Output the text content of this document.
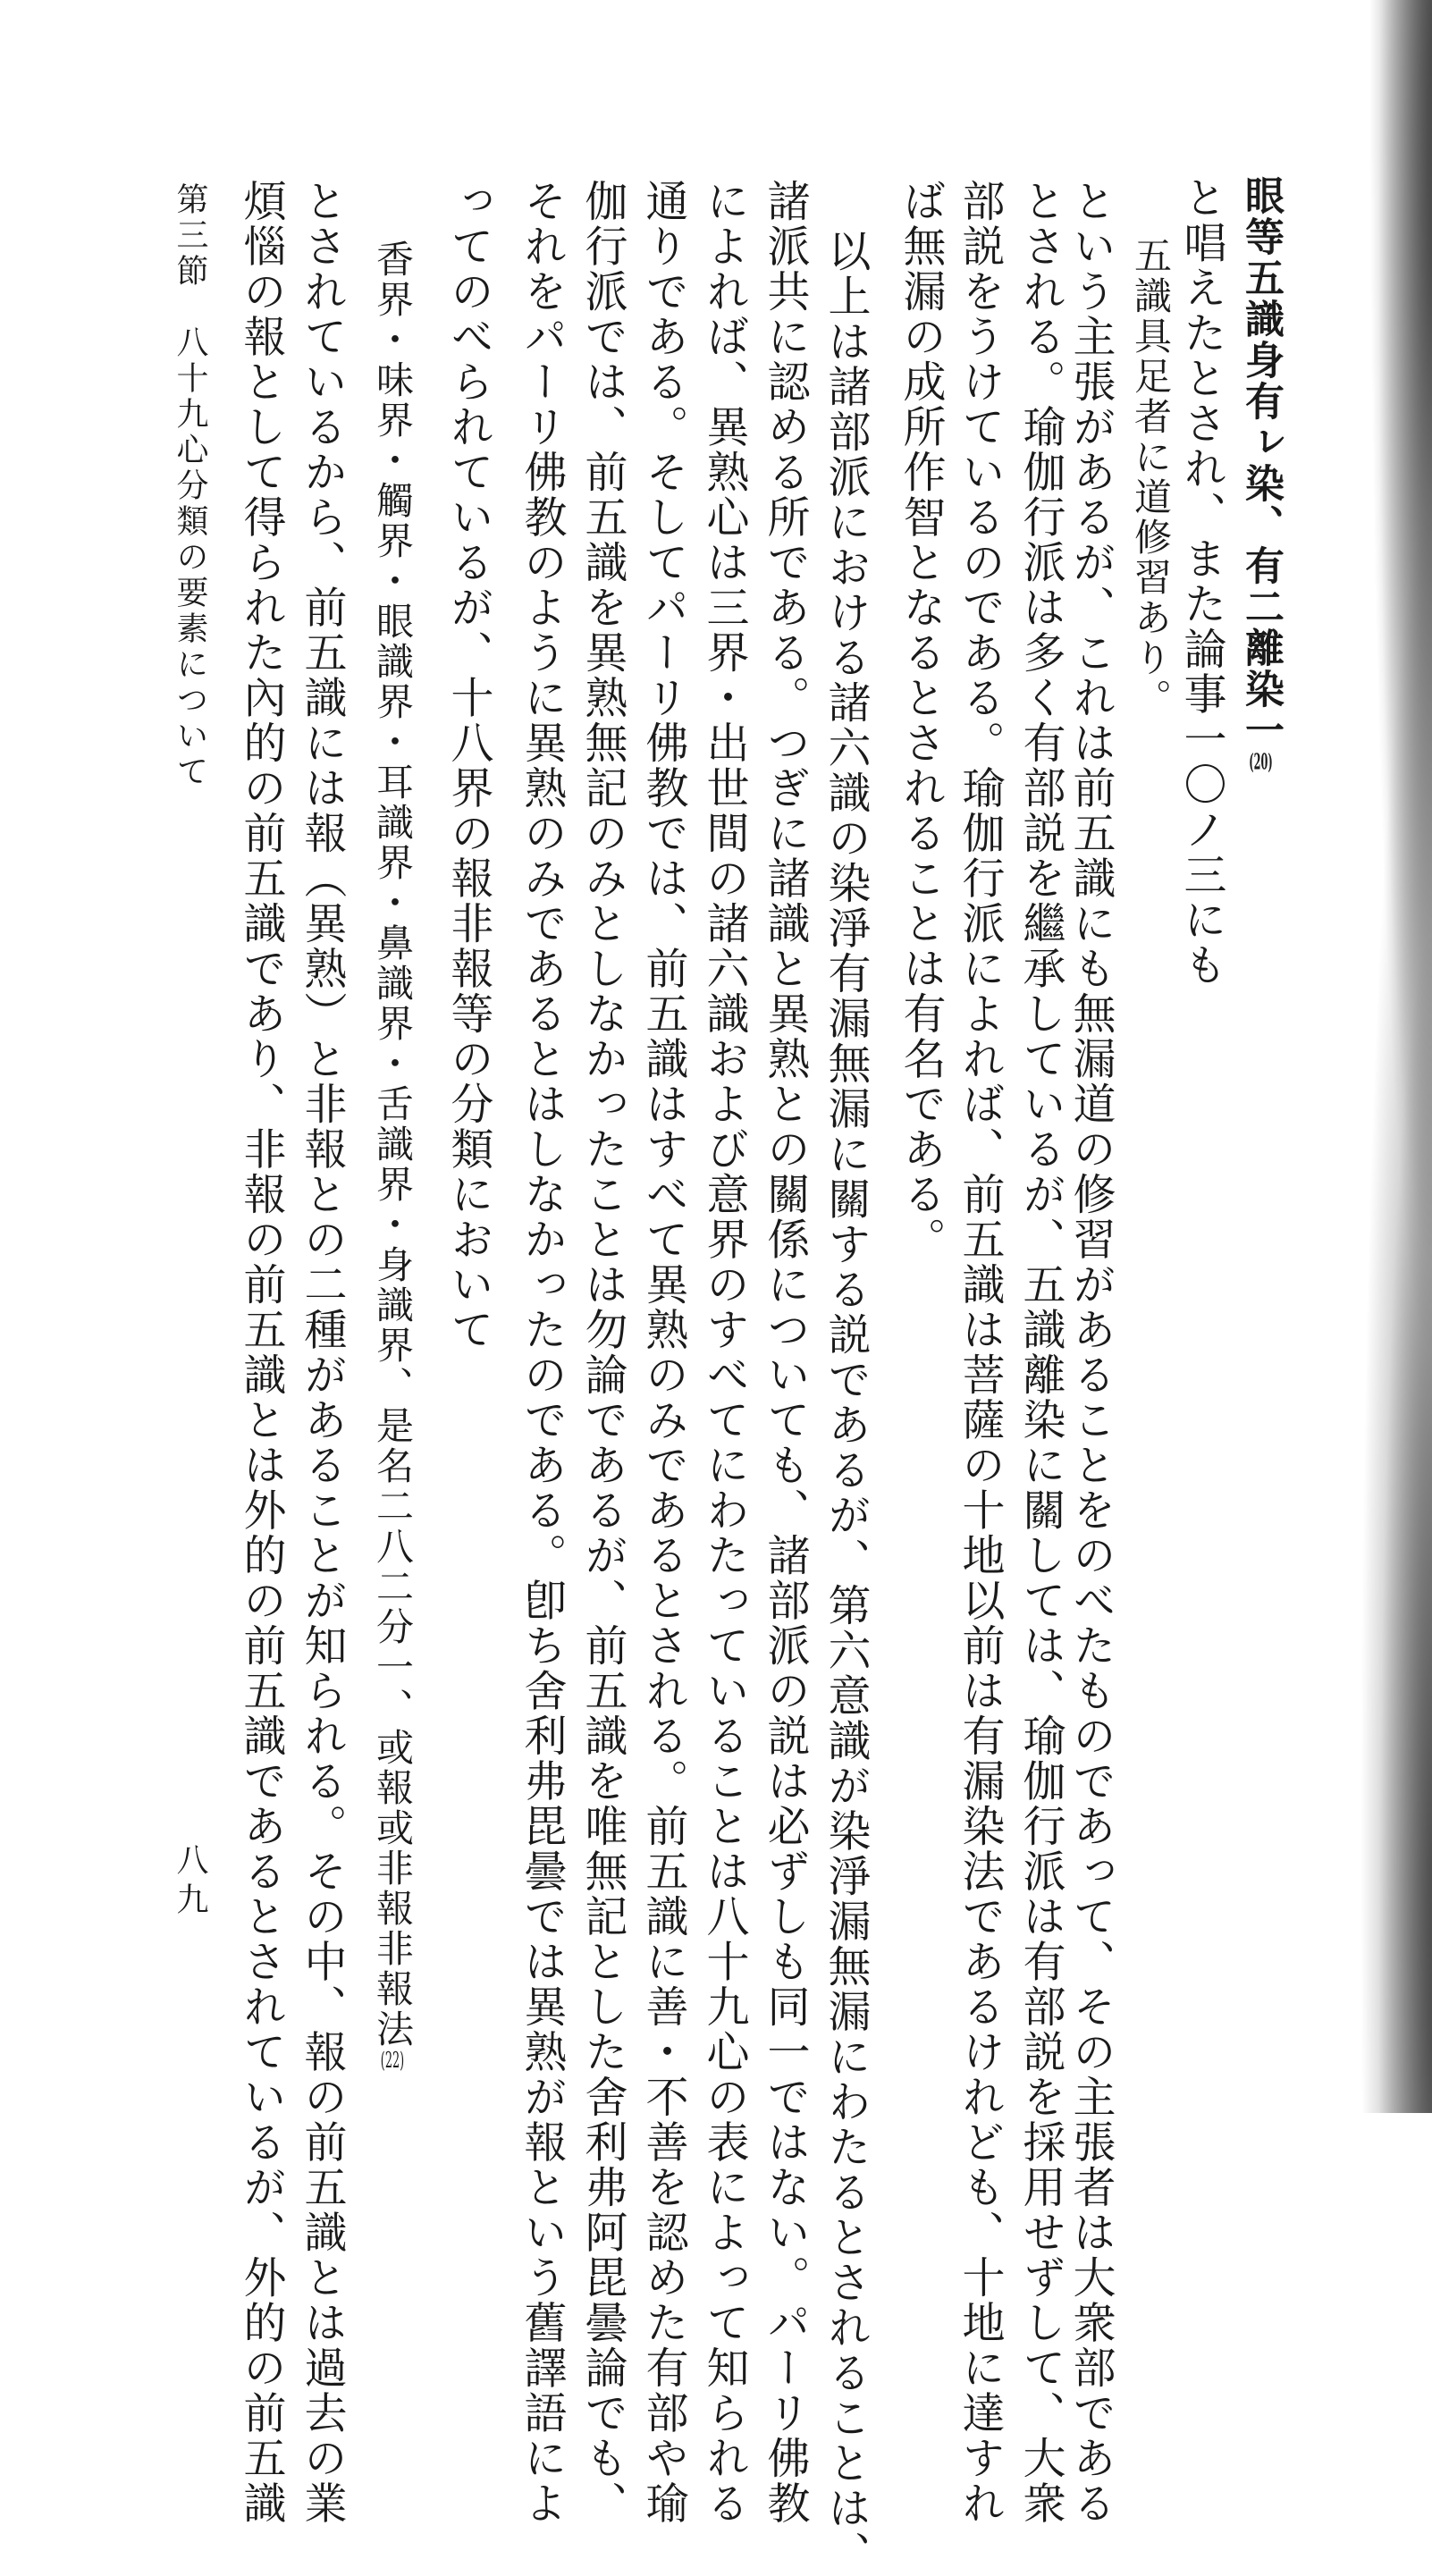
眼等五識身有ㇾ染、有二離染一(20)
と唱えたとされ、また論事一〇ノ三にも
五識具足者に道修習あり。
という主張があるが、これは前五識にも無漏道の修習があることをのべたものであって、その主張者は大衆部である
とされる。瑜伽行派は多く有部説を繼承しているが、五識離染に關しては、瑜伽行派は有部説を採用せずして、大衆
部説をうけているのである。瑜伽行派によれば、前五識は菩薩の十地以前は有漏染法であるけれども、十地に達すれ
ば無漏の成所作智となるとされることは有名である。
以上は諸部派における諸六識の染淨有漏無漏に關する説であるが、第六意識が染淨漏無漏にわたるとされることは、
諸派共に認める所である。つぎに諸識と異熟との關係についても、諸部派の説は必ずしも同一ではない。パーリ佛教
によれば、異熟心は三界・出世間の諸六識および意界のすべてにわたっていることは八十九心の表によって知られる
通りである。そしてパーリ佛教では、前五識はすべて異熟のみであるとされる。前五識に善・不善を認めた有部や瑜
伽行派では、前五識を異熟無記のみとしなかったことは勿論であるが、前五識を唯無記とした舍利弗阿毘曇論でも、
それをパーリ佛教のように異熟のみであるとはしなかったのである。卽ち舍利弗毘曇では異熟が報という舊譯語によ
ってのべられているが、十八界の報非報等の分類において
香界・味界・觸界・眼識界・耳識界・鼻識界・舌識界・身識界、是名二八二分一、或報或非報非報法(22)
とされているから、前五識には報（異熟）と非報との二種があることが知られる。その中、報の前五識とは過去の業
煩惱の報として得られた內的の前五識であり、非報の前五識とは外的の前五識であるとされているが、外的の前五識
第三節　八十九心分類の要素について
八九
